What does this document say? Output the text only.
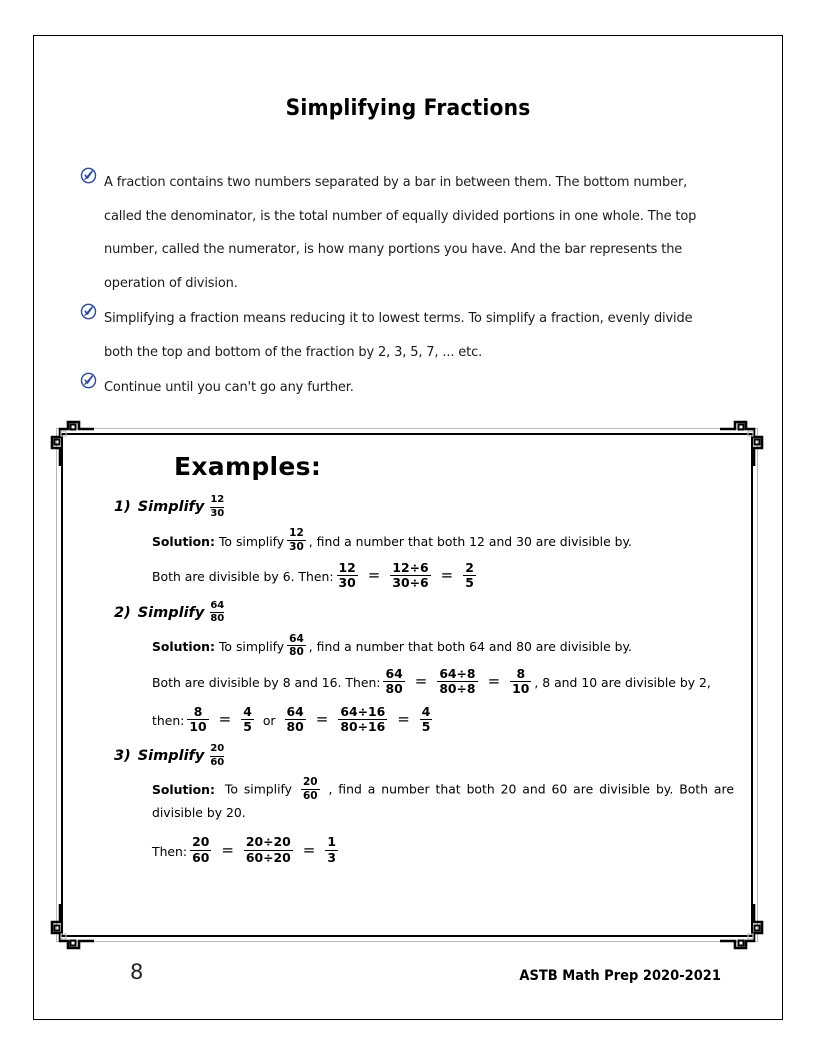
Simplifying Fractions
A fraction contains two numbers separated by a bar in between them. The bottom number, called the denominator, is the total number of equally divided portions in one whole. The top number, called the numerator, is how many portions you have. And the bar represents the operation of division.
Simplifying a fraction means reducing it to lowest terms. To simplify a fraction, evenly divide both the top and bottom of the fraction by 2, 3, 5, 7, ... etc.
Continue until you can't go any further.
Examples:
1) Simplify $\frac{12}{30}$
Solution: To simplify $\frac{12}{30}$ , find a number that both 12 and 30 are divisible by.
Both are divisible by 6. Then: $\frac{12}{30} = \frac{12\div 6}{30\div 6} = \frac{2}{5}$
2) Simplify $\frac{64}{80}$
Solution: To simplify $\frac{64}{80}$ , find a number that both 64 and 80 are divisible by.
Both are divisible by 8 and 16. Then: $\frac{64}{80} = \frac{64\div 8}{80\div 8} = \frac{8}{10}$ , 8 and 10 are divisible by 2,
then: $\frac{8}{10} = \frac{4}{5}$ or $\frac{64}{80} = \frac{64\div 16}{80\div 16} = \frac{4}{5}$
3) Simplify $\frac{20}{60}$
Solution: To simplify $\frac{20}{60}$ , find a number that both 20 and 60 are divisible by. Both are divisible by 20.
Then: $\frac{20}{60} = \frac{20\div 20}{60\div 20} = \frac{1}{3}$
8	ASTB Math Prep 2020-2021
